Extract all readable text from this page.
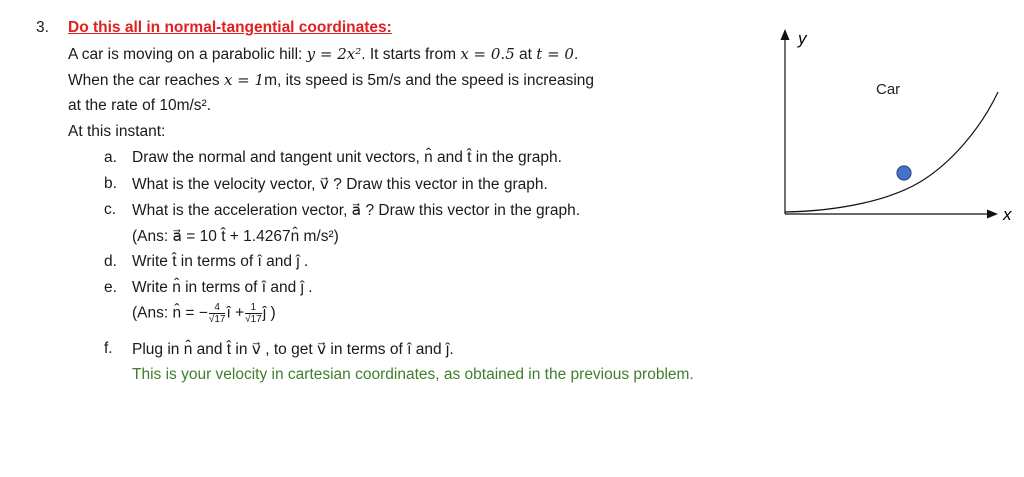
3. Do this all in normal-tangential coordinates:
A car is moving on a parabolic hill: y = 2x². It starts from x = 0.5 at t = 0.
When the car reaches x = 1m, its speed is 5m/s and the speed is increasing
at the rate of 10m/s².
At this instant:
a. Draw the normal and tangent unit vectors, n̂ and t̂ in the graph.
b. What is the velocity vector, v⃗ ? Draw this vector in the graph.
c. What is the acceleration vector, a⃗ ? Draw this vector in the graph.
(Ans: a⃗ = 10 t̂ + 1.4267n̂ m/s²)
d. Write t̂ in terms of î and ĵ .
e. Write n̂ in terms of î and ĵ .
(Ans: n̂ = − $\frac{4}{√17}$ î + $\frac{1}{√17}$ ĵ )
f. Plug in n̂ and t̂ in v⃗ , to get v⃗ in terms of î and ĵ.
This is your velocity in cartesian coordinates, as obtained in the previous problem.
y
x
Car
